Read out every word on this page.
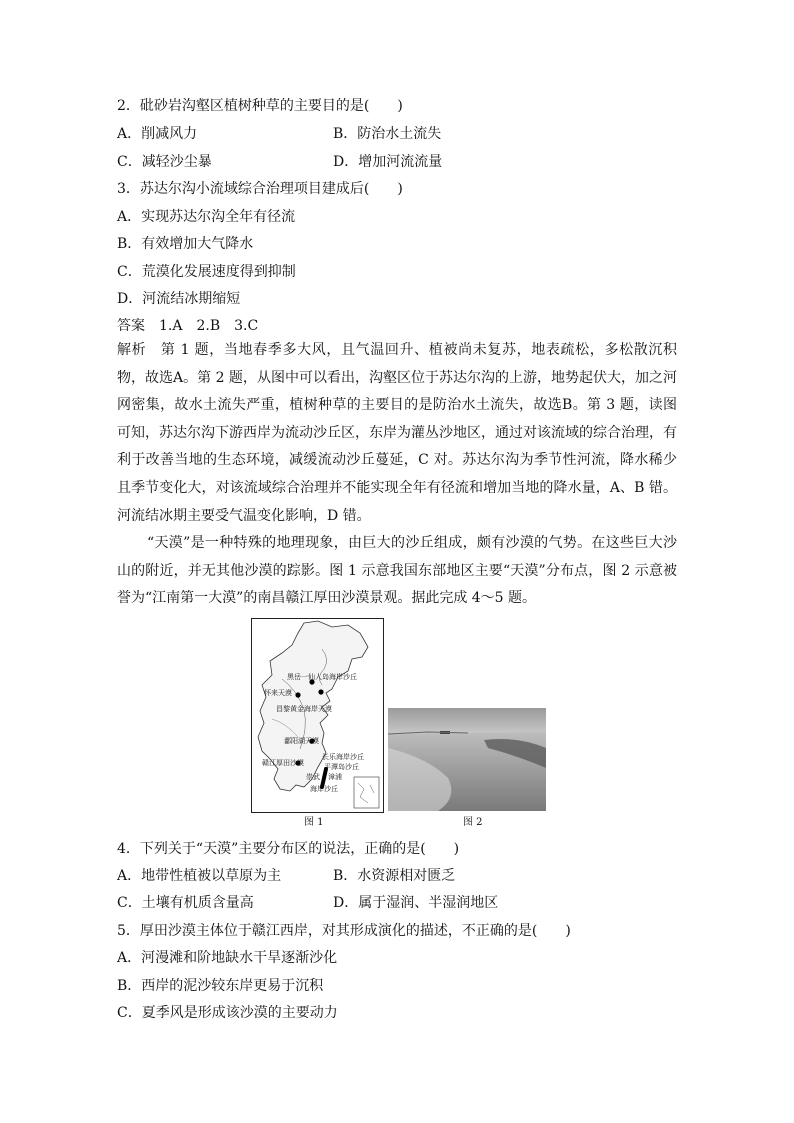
2．砒砂岩沟壑区植树种草的主要目的是(　　)
A．削减风力	B．防治水土流失
C．减轻沙尘暴	D．增加河流流量
3．苏达尔沟小流域综合治理项目建成后(　　)
A．实现苏达尔沟全年有径流
B．有效增加大气降水
C．荒漠化发展速度得到抑制
D．河流结冰期缩短
答案　1.A　2.B　3.C
解析　第 1 题，当地春季多大风，且气温回升、植被尚未复苏，地表疏松，多松散沉积物，故选A。第 2 题，从图中可以看出，沟壑区位于苏达尔沟的上游，地势起伏大，加之河网密集，故水土流失严重，植树种草的主要目的是防治水土流失，故选B。第 3 题，读图可知，苏达尔沟下游西岸为流动沙丘区，东岸为灌丛沙地区，通过对该流域的综合治理，有利于改善当地的生态环境，减缓流动沙丘蔓延，C 对。苏达尔沟为季节性河流，降水稀少且季节变化大，对该流域综合治理并不能实现全年有径流和增加当地的降水量，A、B 错。河流结冰期主要受气温变化影响，D 错。
“天漠”是一种特殊的地理现象，由巨大的沙丘组成，颇有沙漠的气势。在这些巨大沙山的附近，并无其他沙漠的踪影。图 1 示意我国东部地区主要“天漠”分布点，图 2 示意被誉为“江南第一大漠”的南昌赣江厚田沙漠景观。据此完成 4～5 题。
黑岳一仙人岛海岸沙丘
怀来天漠
昌黎黄金海岸天漠
鄱阳湖天漠
长乐海岸沙丘
平潭岛沙丘
赣江厚田沙漠
崇武 漳浦
海岸沙丘
图 1	图 2
4．下列关于“天漠”主要分布区的说法，正确的是(　　)
A．地带性植被以草原为主	B．水资源相对匮乏
C．土壤有机质含量高	D．属于湿润、半湿润地区
5．厚田沙漠主体位于赣江西岸，对其形成演化的描述，不正确的是(　　)
A．河漫滩和阶地缺水干旱逐渐沙化
B．西岸的泥沙较东岸更易于沉积
C．夏季风是形成该沙漠的主要动力
